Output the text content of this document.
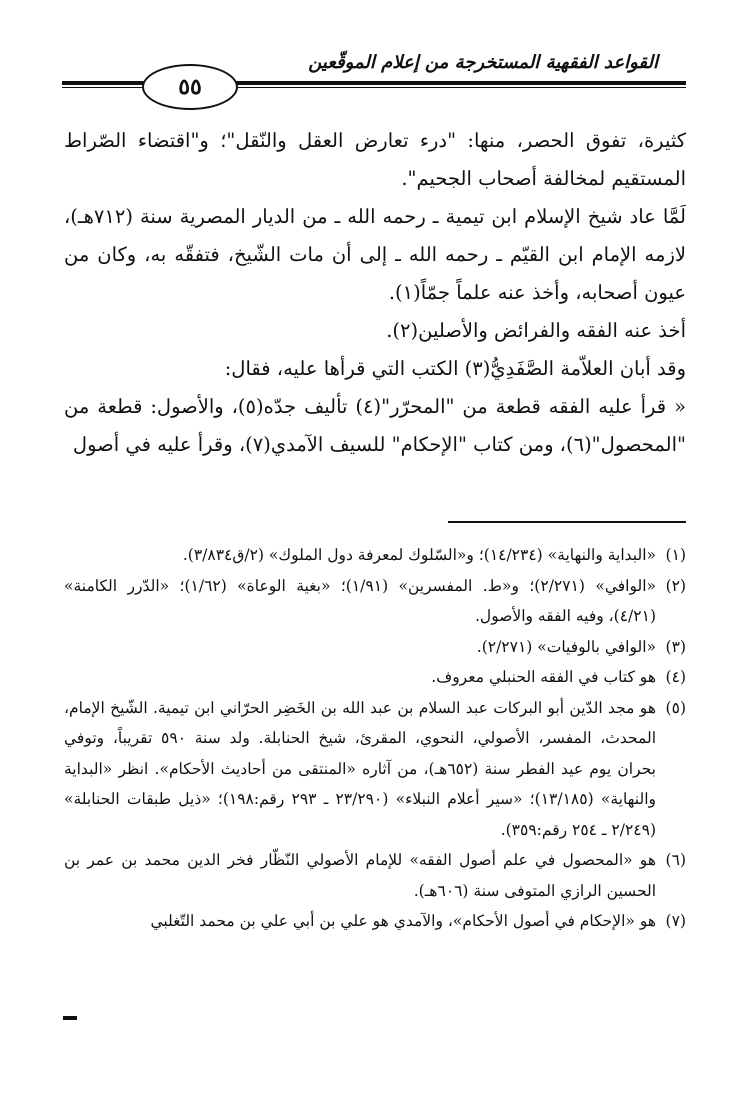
القواعد الفقهية المستخرجة من إعلام الموقّعين
٥٥

كثيرة، تفوق الحصر، منها: "درء تعارض العقل والنّقل"؛ و"اقتضاء الصّراط المستقيم لمخالفة أصحاب الجحيم".

لَمَّا عاد شيخ الإسلام ابن تيمية ـ رحمه الله ـ من الديار المصرية سنة (٧١٢هـ)، لازمه الإمام ابن القيّم ـ رحمه الله ـ إلى أن مات الشّيخ، فتفقّه به، وكان من عيون أصحابه، وأخذ عنه علماً جمّاً(١).

أخذ عنه الفقه والفرائض والأصلين(٢).

وقد أبان العلاّمة الصَّفَدِيُّ(٣) الكتب التي قرأها عليه، فقال:

« قرأ عليه الفقه قطعة من "المحرّر"(٤) تأليف جدّه(٥)، والأصول: قطعة من "المحصول"(٦)، ومن كتاب "الإحكام" للسيف الآمدي(٧)، وقرأ عليه في أصول

(١)«البداية والنهاية» (١٤/٢٣٤)؛ و«السّلوك لمعرفة دول الملوك» (٢/ق٣/٨٣٤).

(٢)«الوافي» (٢/٢٧١)؛ و«ط. المفسرين» (١/٩١)؛ «بغية الوعاة» (١/٦٢)؛ «الدّرر الكامنة» (٤/٢١)، وفيه الفقه والأصول.

(٣)«الوافي بالوفيات» (٢/٢٧١).

(٤)هو كتاب في الفقه الحنبلي معروف.

(٥)هو مجد الدّين أبو البركات عبد السلام بن عبد الله بن الخَضِر الحرّاني ابن تيمية. الشّيخ الإمام، المحدث، المفسر، الأصولي، النحوي، المقرئ، شيخ الحنابلة. ولد سنة ٥٩٠ تقريباً، وتوفي بحران يوم عيد الفطر سنة (٦٥٢هـ)، من آثاره «المنتقى من أحاديث الأحكام». انظر «البداية والنهاية» (١٣/١٨٥)؛ «سير أعلام النبلاء» (٢٣/٢٩٠ ـ ٢٩٣ رقم:١٩٨)؛ «ذيل طبقات الحنابلة» (٢/٢٤٩ ـ ٢٥٤ رقم:٣٥٩).

(٦)هو «المحصول في علم أصول الفقه» للإمام الأصولي النّظّار فخر الدين محمد بن عمر بن الحسين الرازي المتوفى سنة (٦٠٦هـ).

(٧)هو «الإحكام في أصول الأحكام»، والآمدي هو علي بن أبي علي بن محمد التّغلبي
